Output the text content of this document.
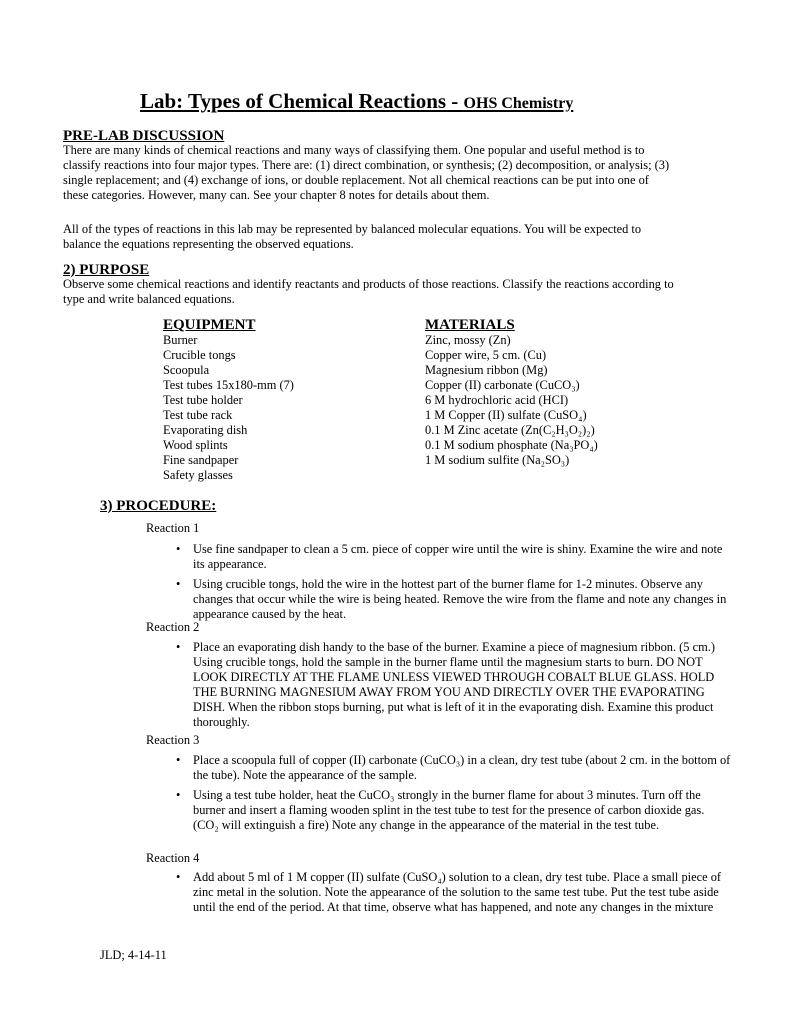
Lab: Types of Chemical Reactions - OHS Chemistry
PRE-LAB DISCUSSION

There are many kinds of chemical reactions and many ways of classifying them. One popular and useful method is to classify reactions into four major types. There are: (1) direct combination, or synthesis; (2) decomposition, or analysis; (3) single replacement; and (4) exchange of ions, or double replacement. Not all chemical reactions can be put into one of these categories. However, many can. See your chapter 8 notes for details about them.

All of the types of reactions in this lab may be represented by balanced molecular equations. You will be expected to balance the equations representing the observed equations.

2) PURPOSE

Observe some chemical reactions and identify reactants and products of those reactions. Classify the reactions according to type and write balanced equations.

EQUIPMENT
Burner
Crucible tongs
Scoopula
Test tubes 15x180-mm (7)
Test tube holder
Test tube rack
Evaporating dish
Wood splints
Fine sandpaper
Safety glasses
MATERIALS
Zinc, mossy (Zn)
Copper wire, 5 cm. (Cu)
Magnesium ribbon (Mg)
Copper (II) carbonate (CuCO₃)
6 M hydrochloric acid (HCI)
1 M Copper (II) sulfate (CuSO₄)
0.1 M Zinc acetate (Zn(C₂H₃O₂)₂)
0.1 M sodium phosphate (Na₃PO₄)
1 M sodium sulfite (Na₂SO₃)
3) PROCEDURE:
Reaction 1
• Use fine sandpaper to clean a 5 cm. piece of copper wire until the wire is shiny. Examine the wire and note its appearance.
• Using crucible tongs, hold the wire in the hottest part of the burner flame for 1-2 minutes. Observe any changes that occur while the wire is being heated. Remove the wire from the flame and note any changes in appearance caused by the heat.
Reaction 2
• Place an evaporating dish handy to the base of the burner. Examine a piece of magnesium ribbon. (5 cm.) Using crucible tongs, hold the sample in the burner flame until the magnesium starts to burn. DO NOT LOOK DIRECTLY AT THE FLAME UNLESS VIEWED THROUGH COBALT BLUE GLASS. HOLD THE BURNING MAGNESIUM AWAY FROM YOU AND DIRECTLY OVER THE EVAPORATING DISH. When the ribbon stops burning, put what is left of it in the evaporating dish. Examine this product thoroughly.
Reaction 3
• Place a scoopula full of copper (II) carbonate (CuCO₃) in a clean, dry test tube (about 2 cm. in the bottom of the tube). Note the appearance of the sample.
• Using a test tube holder, heat the CuCO₃ strongly in the burner flame for about 3 minutes. Turn off the burner and insert a flaming wooden splint in the test tube to test for the presence of carbon dioxide gas. (CO₂ will extinguish a fire) Note any change in the appearance of the material in the test tube.
Reaction 4
• Add about 5 ml of 1 M copper (II) sulfate (CuSO₄) solution to a clean, dry test tube. Place a small piece of zinc metal in the solution. Note the appearance of the solution to the same test tube. Put the test tube aside until the end of the period. At that time, observe what has happened, and note any changes in the mixture
JLD; 4-14-11
